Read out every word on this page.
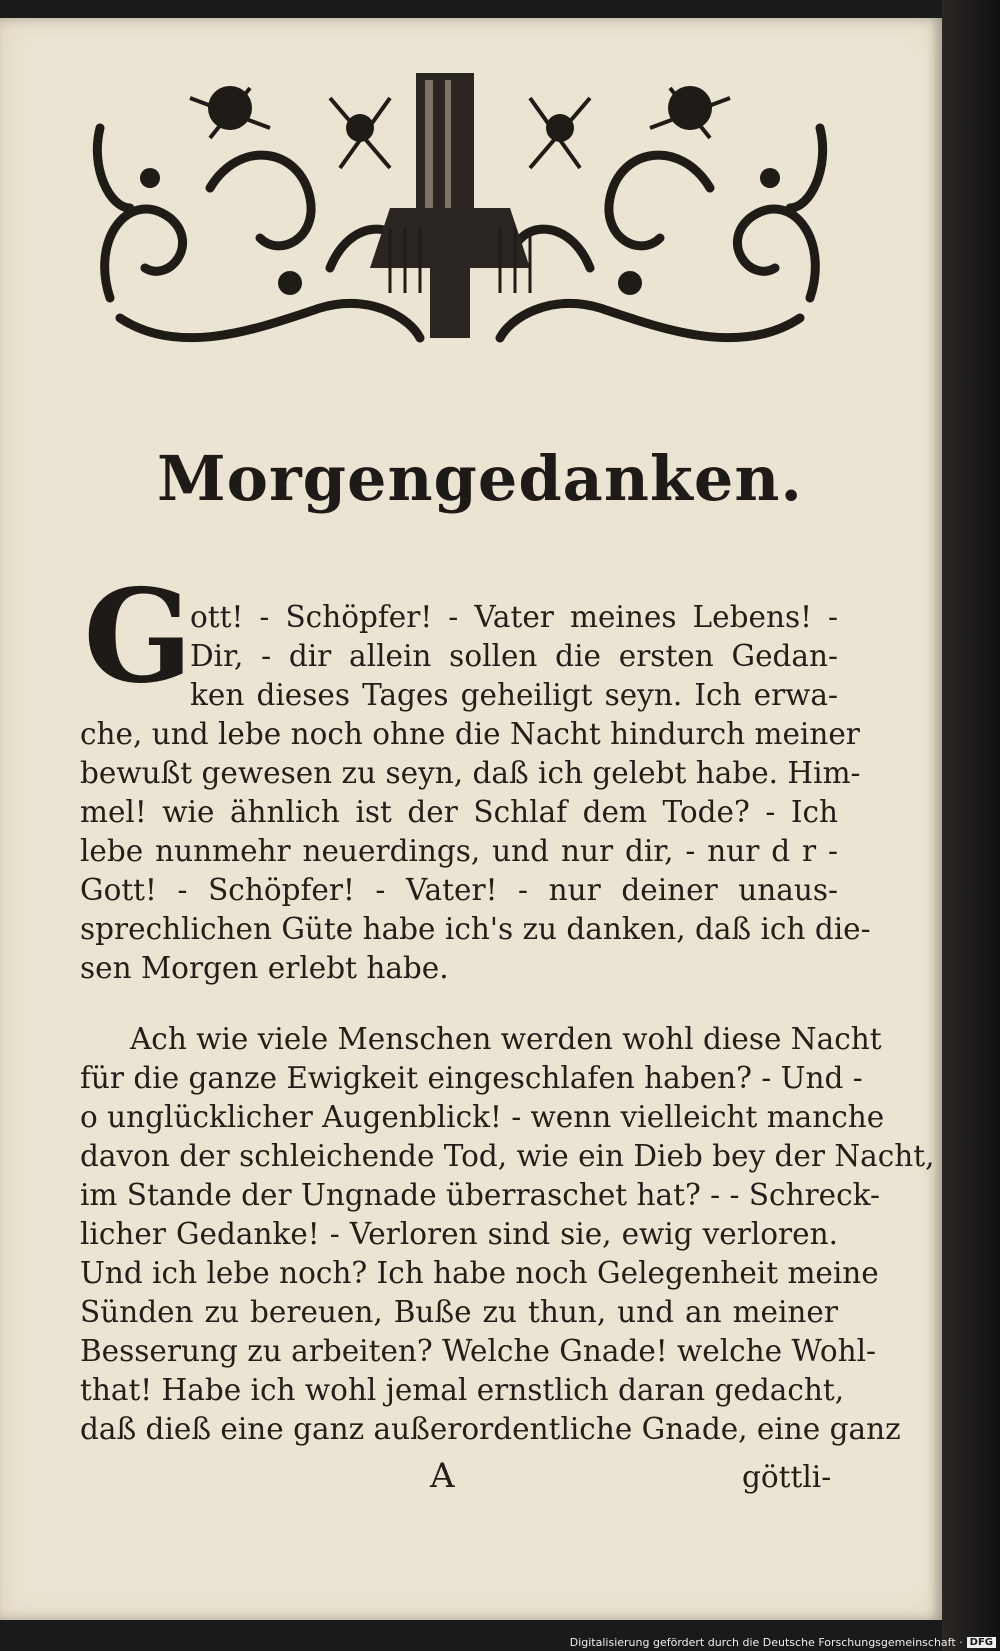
Morgengedanken.
G
ott! - Schöpfer! - Vater meines Lebens! -
Dir, - dir allein sollen die ersten Gedan-
ken dieses Tages geheiligt seyn. Ich erwa-
che, und lebe noch ohne die Nacht hindurch meiner
bewußt gewesen zu seyn, daß ich gelebt habe. Him-
mel! wie ähnlich ist der Schlaf dem Tode? - Ich
lebe nunmehr neuerdings, und nur dir, - nur d r -
Gott! - Schöpfer! - Vater! - nur deiner unaus-
sprechlichen Güte habe ich's zu danken, daß ich die-
sen Morgen erlebt habe.
Ach wie viele Menschen werden wohl diese Nacht
für die ganze Ewigkeit eingeschlafen haben? - Und -
o unglücklicher Augenblick! - wenn vielleicht manche
davon der schleichende Tod, wie ein Dieb bey der Nacht,
im Stande der Ungnade überraschet hat? - - Schreck-
licher Gedanke! - Verloren sind sie, ewig verloren.
Und ich lebe noch? Ich habe noch Gelegenheit meine
Sünden zu bereuen, Buße zu thun, und an meiner
Besserung zu arbeiten? Welche Gnade! welche Wohl-
that! Habe ich wohl jemal ernstlich daran gedacht,
daß dieß eine ganz außerordentliche Gnade, eine ganz
A	göttli-
Digitalisierung gefördert durch die Deutsche Forschungsgemeinschaft · DFG
